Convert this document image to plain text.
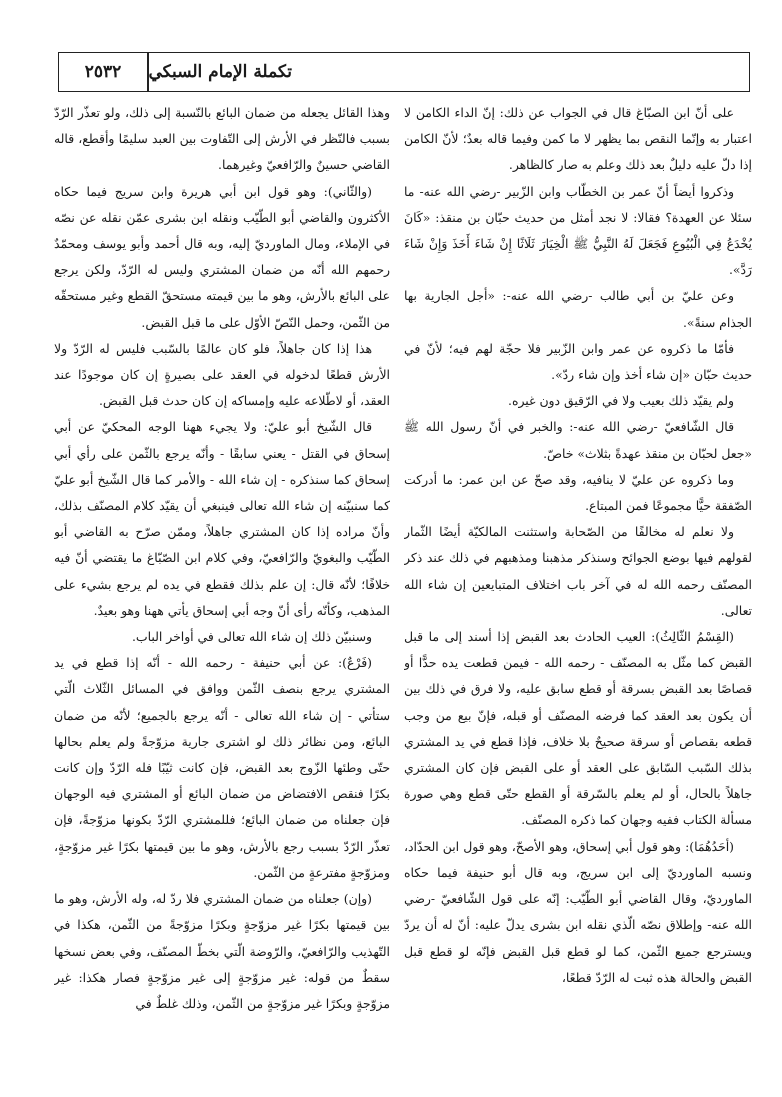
٢٥٣٢	تكملة الإمام السبكي

على أنّ ابن الصبّاغ قال في الجواب عن ذلك: إنّ الداء الكامن لا اعتبار به وإنّما النقص بما يظهر لا ما كمن وفيما قاله بعدٌ؛ لأنّ الكامن إذا دلّ عليه دليلٌ بعد ذلك وعلم به صار كالظاهر.

وذكروا أيضاً أنّ عمر بن الخطّاب وابن الزّبير -رضي الله عنه- ما سئلا عن العهدة؟ فقالا: لا نجد أمثل من حديث حبّان بن منقذ: «كَانَ يُخْدَعُ فِي الْبُيُوعِ فَجَعَلَ لَهُ النَّبِيُّ ﷺ الْخِيَارَ ثَلَاثًا إِنْ شَاءَ أَخَذَ وَإِنْ شَاءَ رَدَّ».

وعن عليّ بن أبي طالب -رضي الله عنه-: «أجل الجارية بها الجذام سنةً».

فأمّا ما ذكروه عن عمر وابن الزّبير فلا حجّة لهم فيه؛ لأنّ في حديث حبّان «إن شاء أخذ وإن شاء ردّ».

ولم يقيّد ذلك بعيب ولا في الرّقيق دون غيره.

قال الشّافعيّ -رضي الله عنه-: والخبر في أنّ رسول الله ﷺ «جعل لحبّان بن منقذ عهدةً بثلاث» خاصّ.

وما ذكروه عن عليّ لا ينافيه، وقد صحّ عن ابن عمر: ما أدركت الصّفقة حيًّا مجموعًا فمن المبتاع.

ولا نعلم له مخالفًا من الصّحابة واستثنت المالكيّة أيضًا الثّمار لقولهم فيها بوضع الجوائح وسنذكر مذهبنا ومذهبهم في ذلك عند ذكر المصنّف رحمه الله له في آخر باب اختلاف المتبايعين إن شاء الله تعالى.

(القِسْمُ الثّالِثُ): العيب الحادث بعد القبض إذا أسند إلى ما قبل القبض كما مثّل به المصنّف - رحمه الله - فيمن قطعت يده حدًّا أو قصاصًا بعد القبض بسرقة أو قطع سابق عليه، ولا فرق في ذلك بين أن يكون بعد العقد كما فرضه المصنّف أو قبله، فإنّ بيع من وجب قطعه بقصاص أو سرقة صحيحٌ بلا خلاف، فإذا قطع في يد المشتري بذلك السّبب السّابق على العقد أو على القبض فإن كان المشتري جاهلاً بالحال، أو لم يعلم بالسّرقة أو القطع حتّى قطع وهي صورة مسألة الكتاب ففيه وجهان كما ذكره المصنّف.

(أحَدُهُمَا): وهو قول أبي إسحاق، وهو الأصحّ، وهو قول ابن الحدّاد، ونسبه الماورديّ إلى ابن سريج، وبه قال أبو حنيفة فيما حكاه الماورديّ، وقال القاضي أبو الطّيّب: إنّه على قول الشّافعيّ -رضي الله عنه- وإطلاق نصّه الّذي نقله ابن بشرى يدلّ عليه: أنّ له أن يردّ ويسترجع جميع الثّمن، كما لو قطع قبل القبض فإنّه لو قطع قبل القبض والحالة هذه ثبت له الرّدّ قطعًا،

وهذا القائل يجعله من ضمان البائع بالنّسبة إلى ذلك، ولو تعذّر الرّدّ بسبب فالنّظر في الأرش إلى التّفاوت بين العبد سليمًا وأقطع، قاله القاضي حسينٌ والرّافعيّ وغيرهما.

(والثّاني): وهو قول ابن أبي هريرة وابن سريج فيما حكاه الأكثرون والقاضي أبو الطّيّب ونقله ابن بشرى عمّن نقله عن نصّه في الإملاء، ومال الماورديّ إليه، وبه قال أحمد وأبو يوسف ومحمّدٌ رحمهم الله أنّه من ضمان المشتري وليس له الرّدّ، ولكن يرجع على البائع بالأرش، وهو ما بين قيمته مستحقّ القطع وغير مستحقّه من الثّمن، وحمل النّصّ الأوّل على ما قبل القبض.

هذا إذا كان جاهلاً، فلو كان عالمًا بالسّبب فليس له الرّدّ ولا الأرش قطعًا لدخوله في العقد على بصيرةٍ إن كان موجودًا عند العقد، أو لاطّلاعه عليه وإمساكه إن كان حدث قبل القبض.

قال الشّيخ أبو عليّ: ولا يجيء ههنا الوجه المحكيّ عن أبي إسحاق في القتل - يعني سابقًا - وأنّه يرجع بالثّمن على رأي أبي إسحاق كما سنذكره - إن شاء الله - والأمر كما قال الشّيخ أبو عليّ كما سنبيّنه إن شاء الله تعالى فينبغي أن يقيّد كلام المصنّف بذلك، وأنّ مراده إذا كان المشتري جاهلاً، وممّن صرّح به القاضي أبو الطّيّب والبغويّ والرّافعيّ، وفي كلام ابن الصّبّاغ ما يقتضي أنّ فيه خلافًا؛ لأنّه قال: إن علم بذلك فقطع في يده لم يرجع بشيء على المذهب، وكأنّه رأى أنّ وجه أبي إسحاق يأتي ههنا وهو بعيدٌ.

وسنبيّن ذلك إن شاء الله تعالى في أواخر الباب.

(فَرْعٌ): عن أبي حنيفة - رحمه الله - أنّه إذا قطع في يد المشتري يرجع بنصف الثّمن ووافق في المسائل الثّلاث الّتي ستأتي - إن شاء الله تعالى - أنّه يرجع بالجميع؛ لأنّه من ضمان البائع، ومن نظائر ذلك لو اشترى جارية مزوّجةً ولم يعلم بحالها حتّى وطئها الزّوج بعد القبض، فإن كانت ثيّبًا فله الرّدّ وإن كانت بكرًا فنقص الافتضاض من ضمان البائع أو المشتري فيه الوجهان فإن جعلناه من ضمان البائع؛ فللمشتري الرّدّ بكونها مزوّجةً، فإن تعذّر الرّدّ بسبب رجع بالأرش، وهو ما بين قيمتها بكرًا غير مزوّجةٍ، ومزوّجةٍ مفترعةٍ من الثّمن.

(وإن) جعلناه من ضمان المشتري فلا ردّ له، وله الأرش، وهو ما بين قيمتها بكرًا غير مزوّجةٍ وبكرًا مزوّجةً من الثّمن، هكذا في التّهذيب والرّافعيّ، والرّوضة الّتي بخطّ المصنّف، وفي بعض نسخها سقطٌ من قوله: غير مزوّجةٍ إلى غير مزوّجةٍ فصار هكذا: غير مزوّجةٍ وبكرًا غير مزوّجةٍ من الثّمن، وذلك غلطٌ في
